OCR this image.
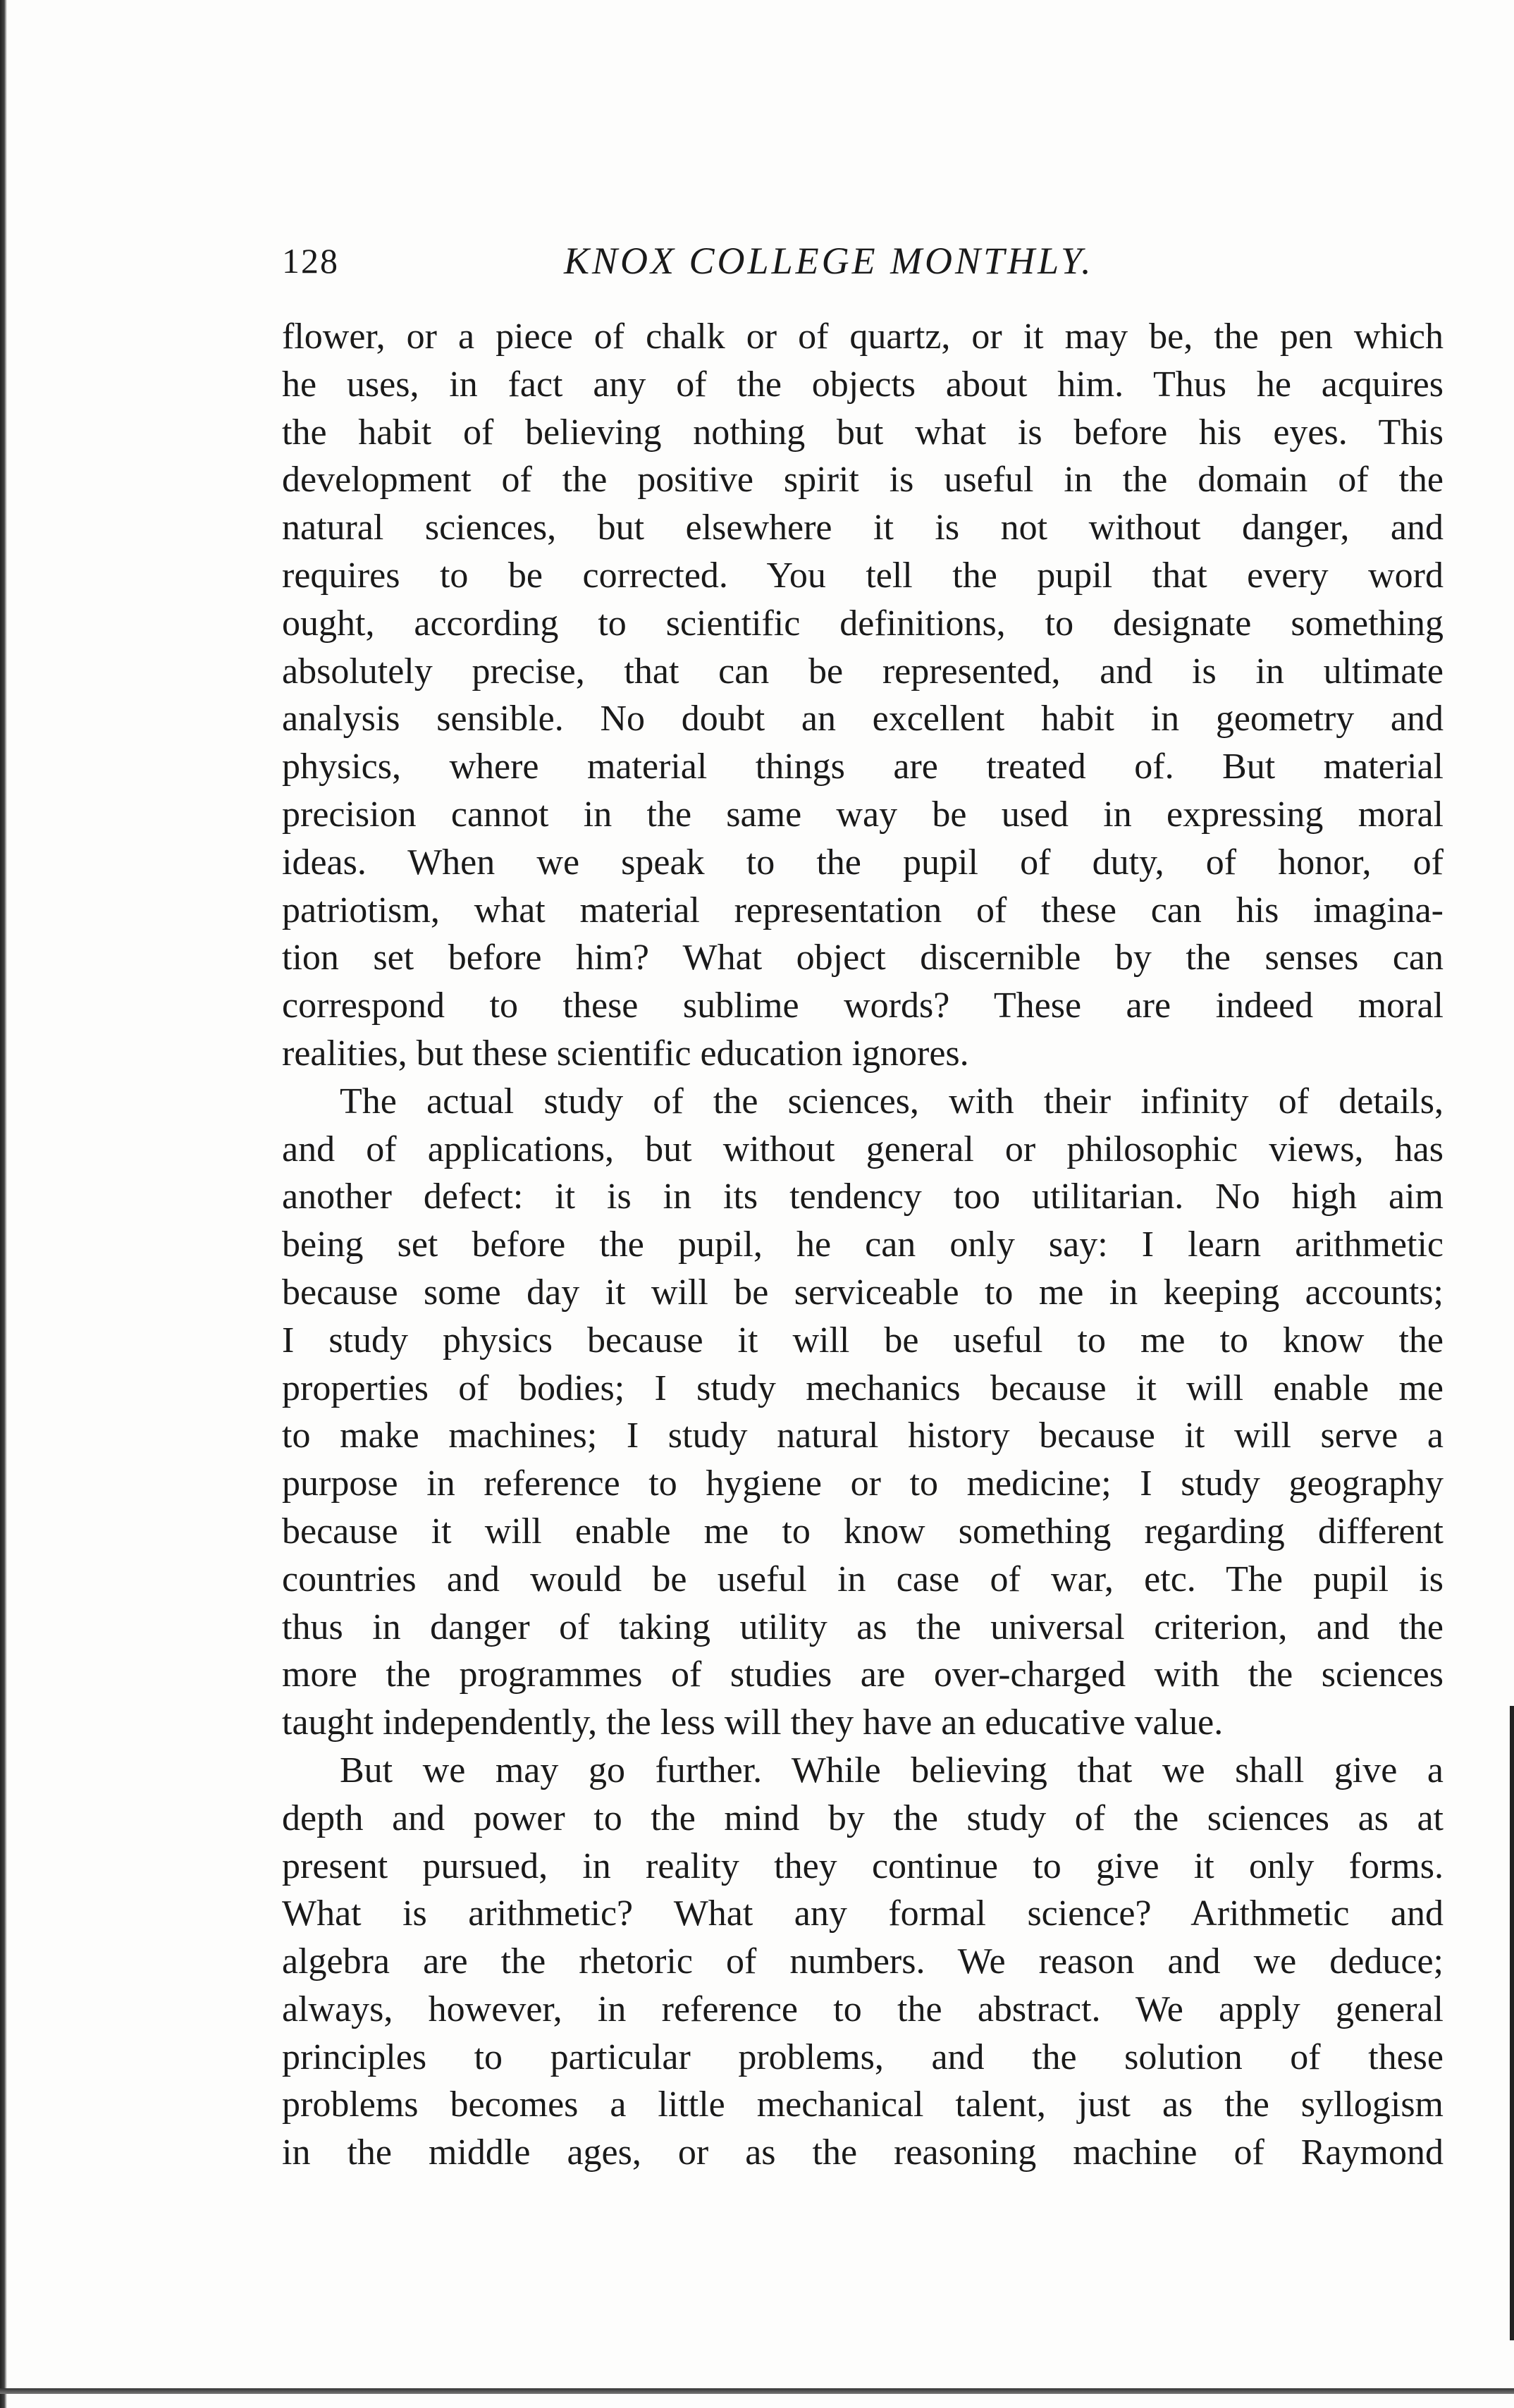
128	KNOX COLLEGE MONTHLY.
flower, or a piece of chalk or of quartz, or it may be, the pen which
he uses, in fact any of the objects about him. Thus he acquires
the habit of believing nothing but what is before his eyes. This
development of the positive spirit is useful in the domain of the
natural sciences, but elsewhere it is not without danger, and
requires to be corrected. You tell the pupil that every word
ought, according to scientific definitions, to designate something
absolutely precise, that can be represented, and is in ultimate
analysis sensible. No doubt an excellent habit in geometry and
physics, where material things are treated of. But material
precision cannot in the same way be used in expressing moral
ideas. When we speak to the pupil of duty, of honor, of
patriotism, what material representation of these can his imagina-
tion set before him? What object discernible by the senses can
correspond to these sublime words? These are indeed moral
realities, but these scientific education ignores.
The actual study of the sciences, with their infinity of details,
and of applications, but without general or philosophic views, has
another defect: it is in its tendency too utilitarian. No high aim
being set before the pupil, he can only say: I learn arithmetic
because some day it will be serviceable to me in keeping accounts;
I study physics because it will be useful to me to know the
properties of bodies; I study mechanics because it will enable me
to make machines; I study natural history because it will serve a
purpose in reference to hygiene or to medicine; I study geography
because it will enable me to know something regarding different
countries and would be useful in case of war, etc. The pupil is
thus in danger of taking utility as the universal criterion, and the
more the programmes of studies are over-charged with the sciences
taught independently, the less will they have an educative value.
But we may go further. While believing that we shall give a
depth and power to the mind by the study of the sciences as at
present pursued, in reality they continue to give it only forms.
What is arithmetic? What any formal science? Arithmetic and
algebra are the rhetoric of numbers. We reason and we deduce;
always, however, in reference to the abstract. We apply general
principles to particular problems, and the solution of these
problems becomes a little mechanical talent, just as the syllogism
in the middle ages, or as the reasoning machine of Raymond
